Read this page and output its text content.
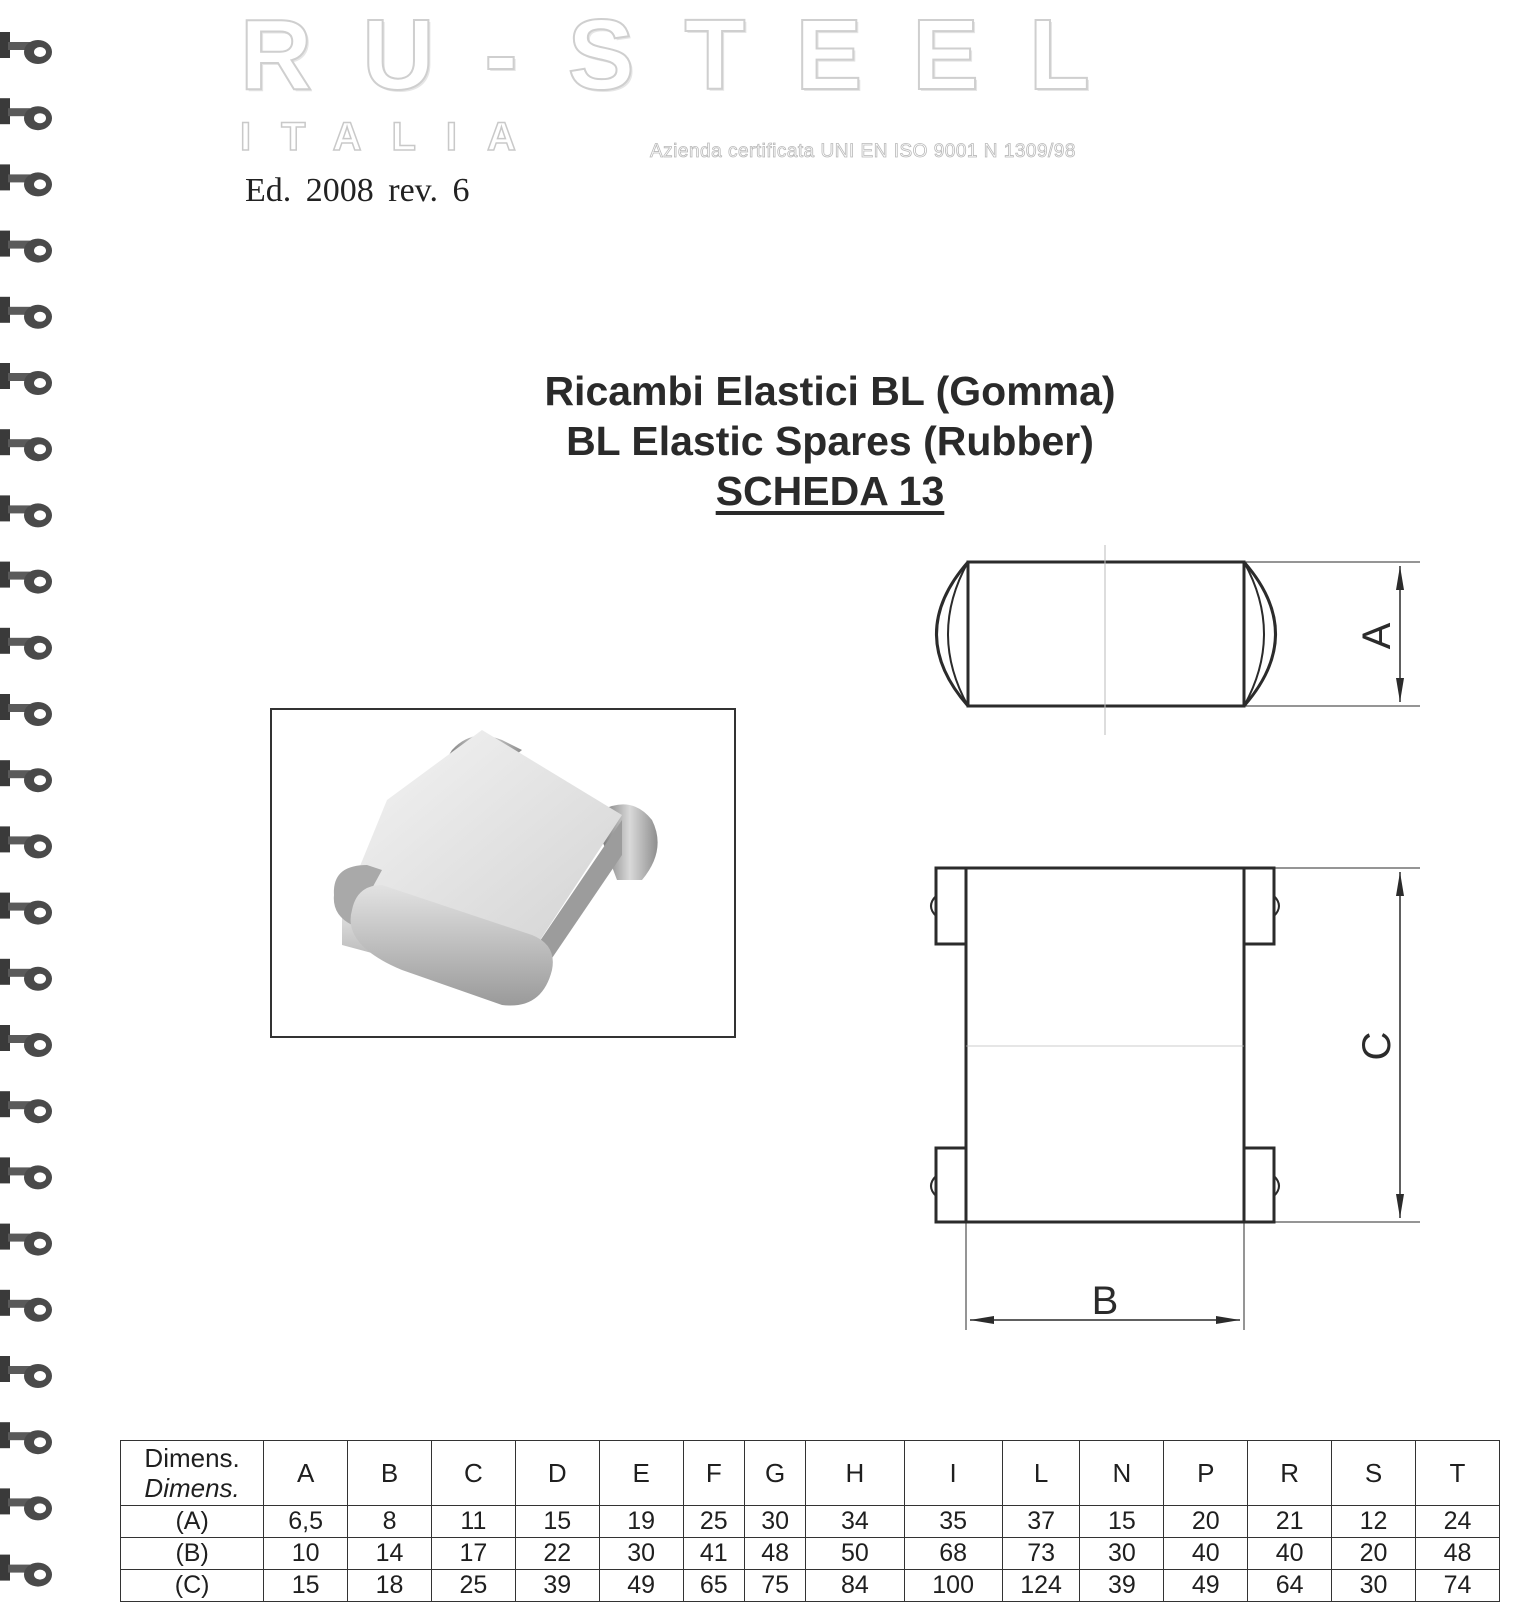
RU-STEEL
ITALIA	Azienda certificata UNI EN ISO 9001 N 1309/98
Ed. 2008 rev. 6
Ricambi Elastici BL (Gomma)
BL Elastic Spares (Rubber)
SCHEDA 13
A
C
B
Dimens.
Dimens.	A	B	C	D	E	F	G	H	I	L	N	P	R	S	T
(A)	6,5	8	11	15	19	25	30	34	35	37	15	20	21	12	24
(B)	10	14	17	22	30	41	48	50	68	73	30	40	40	20	48
(C)	15	18	25	39	49	65	75	84	100	124	39	49	64	30	74
